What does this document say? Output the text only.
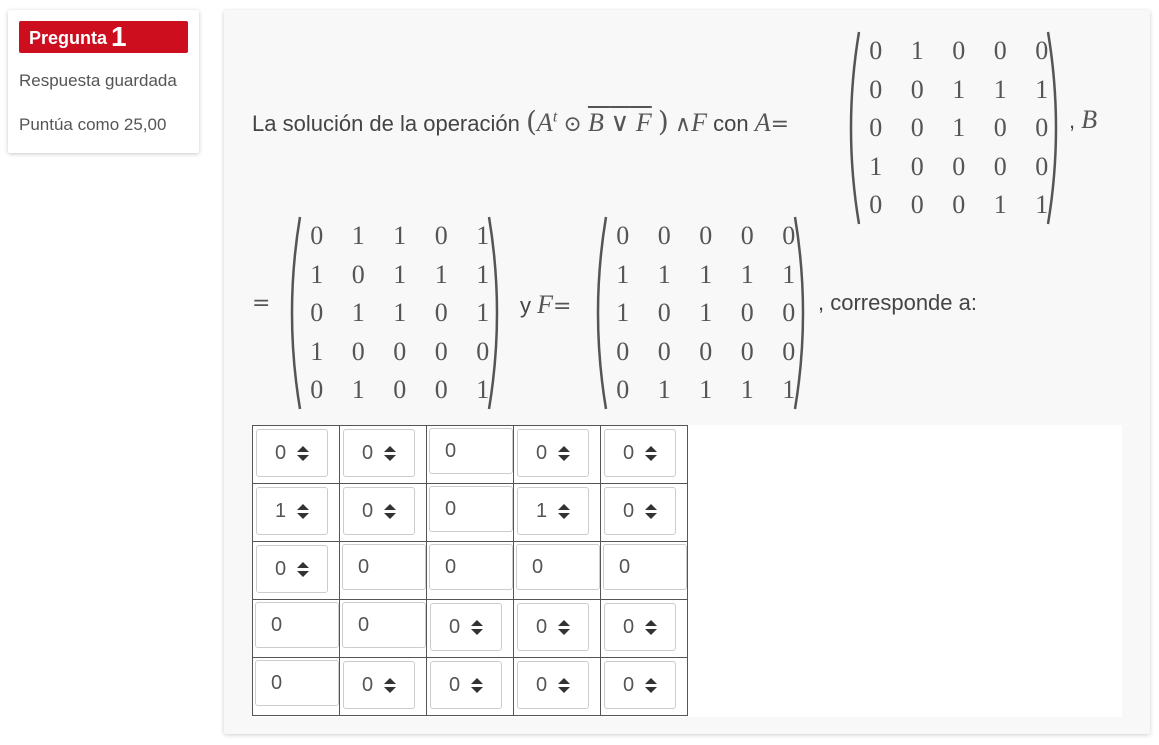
Pregunta 1
Respuesta guardada
Puntúa como 25,00	La solución de la operación ($A^t$ ⊙ B ∨ F ) ∧F con A=
0	1	0	0	0
0	0	1	1	1
0	0	1	0	0
1	0	0	0	0
0	0	0	1	1
, B
=
0	1	1	0	1
1	0	1	1	1
0	1	1	0	1
1	0	0	0	0
0	1	0	0	1
y F=
0	0	0	0	0
1	1	1	1	1
1	0	1	0	0
0	0	0	0	0
0	1	1	1	1
, corresponde a:
0	0	0	0	0

1	0	0	1	0

0	0	0	0	0

0	0	0	0	0

0	0	0	0	0
